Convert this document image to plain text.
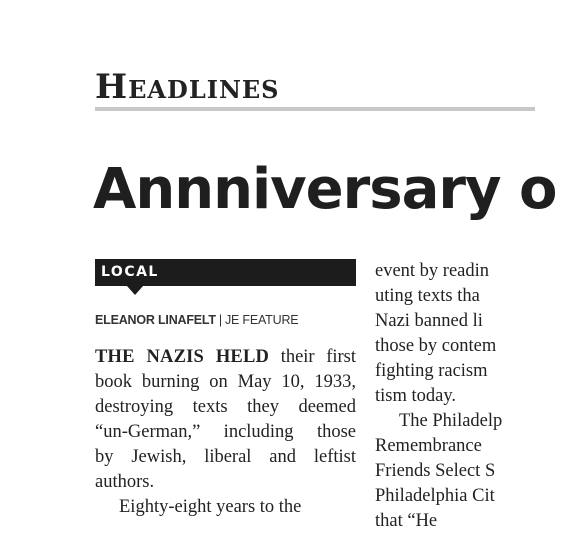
Headlines
Annniversary o
LOCAL
ELEANOR LINAFELT | JE FEATURE
THE NAZIS HELD their first
book burning on May 10, 1933,
destroying texts they deemed
“un-German,” including those
by Jewish, liberal and leftist
authors.
Eighty-eight years to the
event by readin
uting texts tha
Nazi banned li
those by contem
fighting racism
tism today.
The Philadelp
Remembrance
Friends Select S
Philadelphia Cit
that “He
